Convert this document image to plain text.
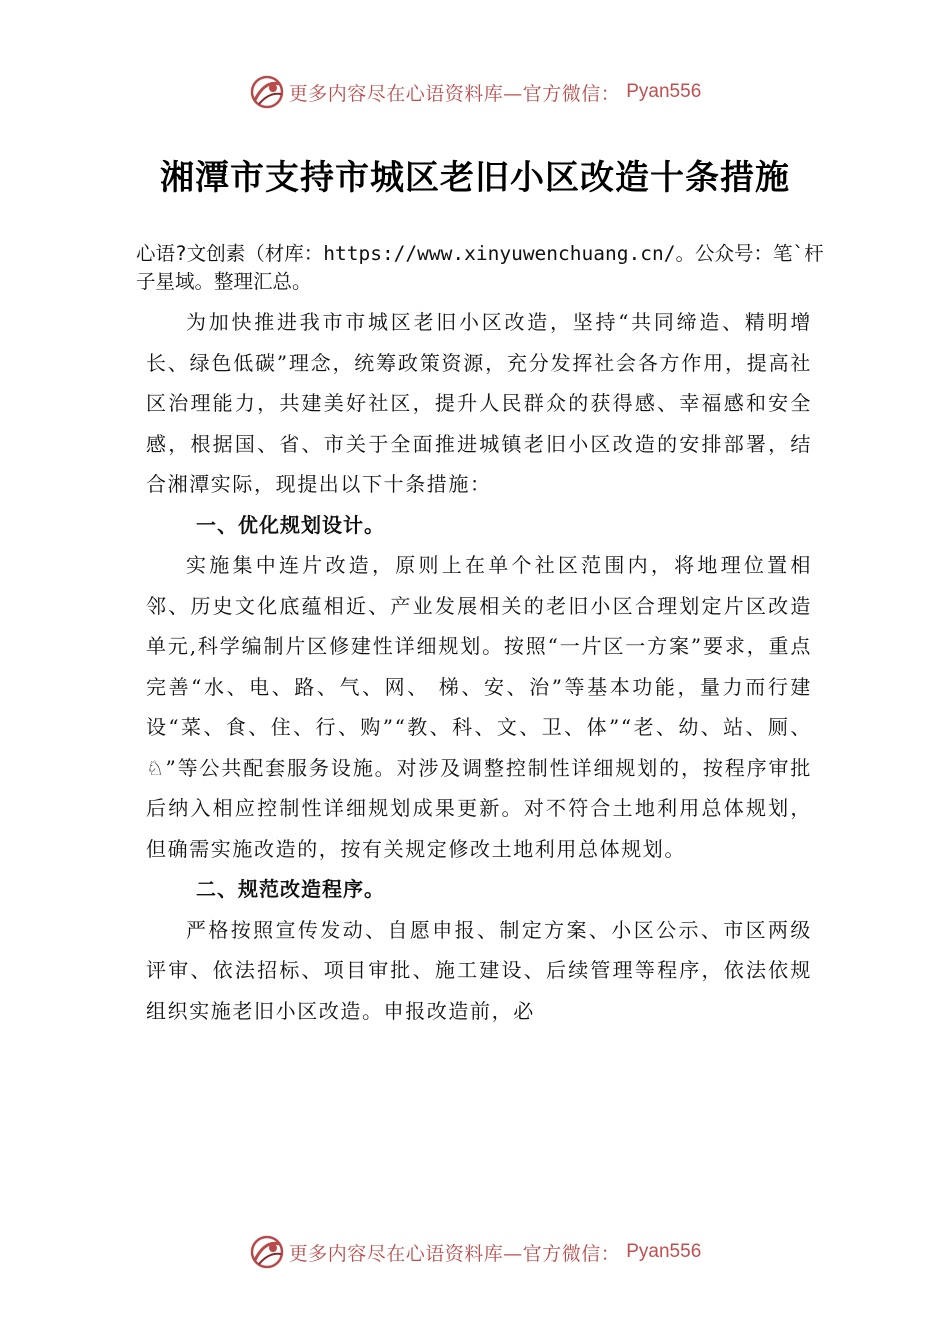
更多内容尽在心语资料库—官方微信： Pyan556
湘潭市支持市城区老旧小区改造十条措施

心语?文创素（材库：https://www.xinyuwenchuang.cn/。公众号：笔`杆子星域。整理汇总。

为加快推进我市市城区老旧小区改造，坚持“共同缔造、精明增长、绿色低碳”理念，统筹政策资源，充分发挥社会各方作用，提高社区治理能力，共建美好社区，提升人民群众的获得感、幸福感和安全感，根据国、省、市关于全面推进城镇老旧小区改造的安排部署，结合湘潭实际，现提出以下十条措施：

一、优化规划设计。

实施集中连片改造，原则上在单个社区范围内，将地理位置相邻、历史文化底蕴相近、产业发展相关的老旧小区合理划定片区改造单元,科学编制片区修建性详细规划。按照“一片区一方案”要求，重点完善“水、电、路、气、网、 梯、安、治”等基本功能，量力而行建设“菜、食、住、行、购”“教、科、文、卫、体”“老、幼、站、厕、♘”等公共配套服务设施。对涉及调整控制性详细规划的，按程序审批后纳入相应控制性详细规划成果更新。对不符合土地利用总体规划，但确需实施改造的，按有关规定修改土地利用总体规划。

二、规范改造程序。

严格按照宣传发动、自愿申报、制定方案、小区公示、市区两级评审、依法招标、项目审批、施工建设、后续管理等程序，依法依规组织实施老旧小区改造。申报改造前，必

更多内容尽在心语资料库—官方微信： Pyan556
